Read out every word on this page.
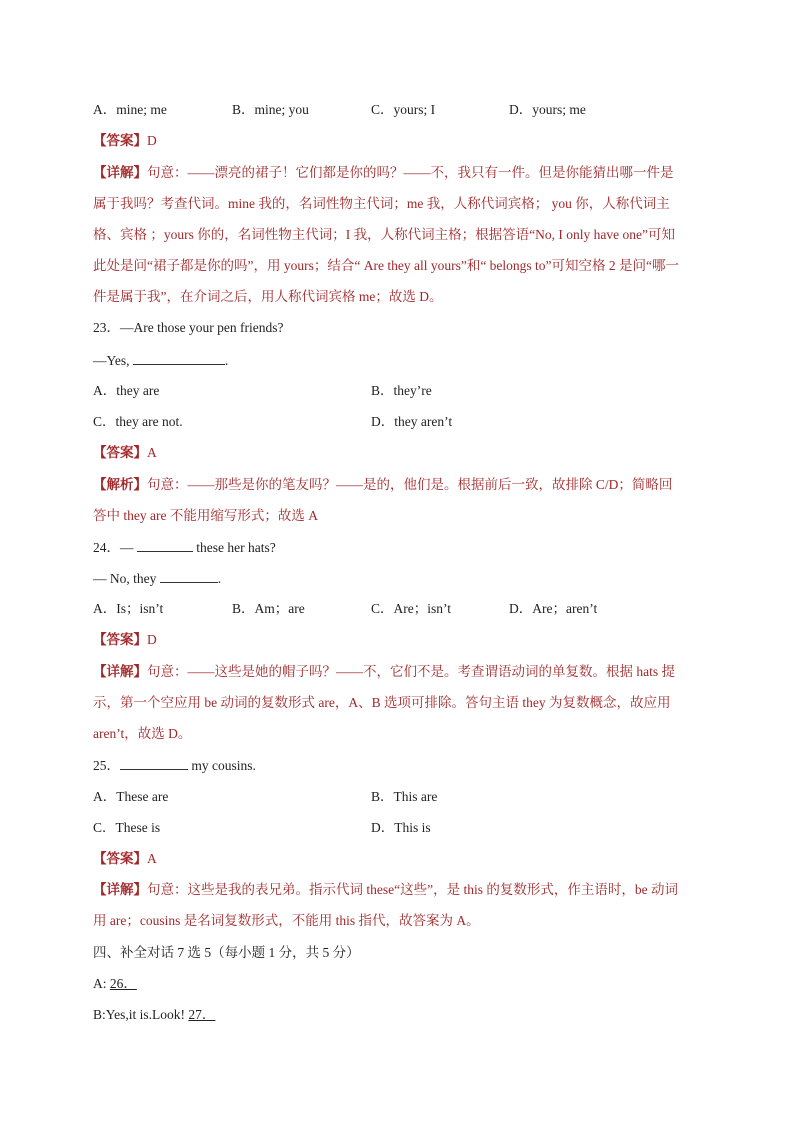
A．mine; me	B．mine; you	C．yours; I	D．yours; me
【答案】D
【详解】句意：——漂亮的裙子！它们都是你的吗？——不，我只有一件。但是你能猜出哪一件是
属于我吗？考查代词。mine 我的，名词性物主代词；me 我，人称代词宾格； you 你，人称代词主
格、宾格 ；yours 你的，名词性物主代词；I 我，人称代词主格；根据答语“No, I only have one”可知
此处是问“裙子都是你的吗”，用 yours；结合“ Are they all yours”和“ belongs to”可知空格 2 是问“哪一
件是属于我”，在介词之后，用人称代词宾格 me；故选 D。
23．—Are those your pen friends?
—Yes,	.
A．they are	B．they’re
C．they are not.	D．they aren’t
【答案】A
【解析】句意：——那些是你的笔友吗？——是的，他们是。根据前后一致，故排除 C/D；简略回
答中 they are 不能用缩写形式；故选 A
24．—	these her hats?
— No, they	.
A．Is；isn’t	B．Am；are	C．Are；isn’t	D．Are；aren’t
【答案】D
【详解】句意：——这些是她的帽子吗？——不，它们不是。考查谓语动词的单复数。根据 hats 提
示，第一个空应用 be 动词的复数形式 are，A、B 选项可排除。答句主语 they 为复数概念，故应用
aren’t，故选 D。
25．	my cousins.
A．These are	B．This are
C．These is	D．This is
【答案】A
【详解】句意：这些是我的表兄弟。指示代词 these“这些”，是 this 的复数形式，作主语时，be 动词
用 are；cousins 是名词复数形式，不能用 this 指代，故答案为 A。
四、补全对话 7 选 5（每小题 1 分，共 5 分）
A: 26．
B:Yes,it is.Look! 27．
